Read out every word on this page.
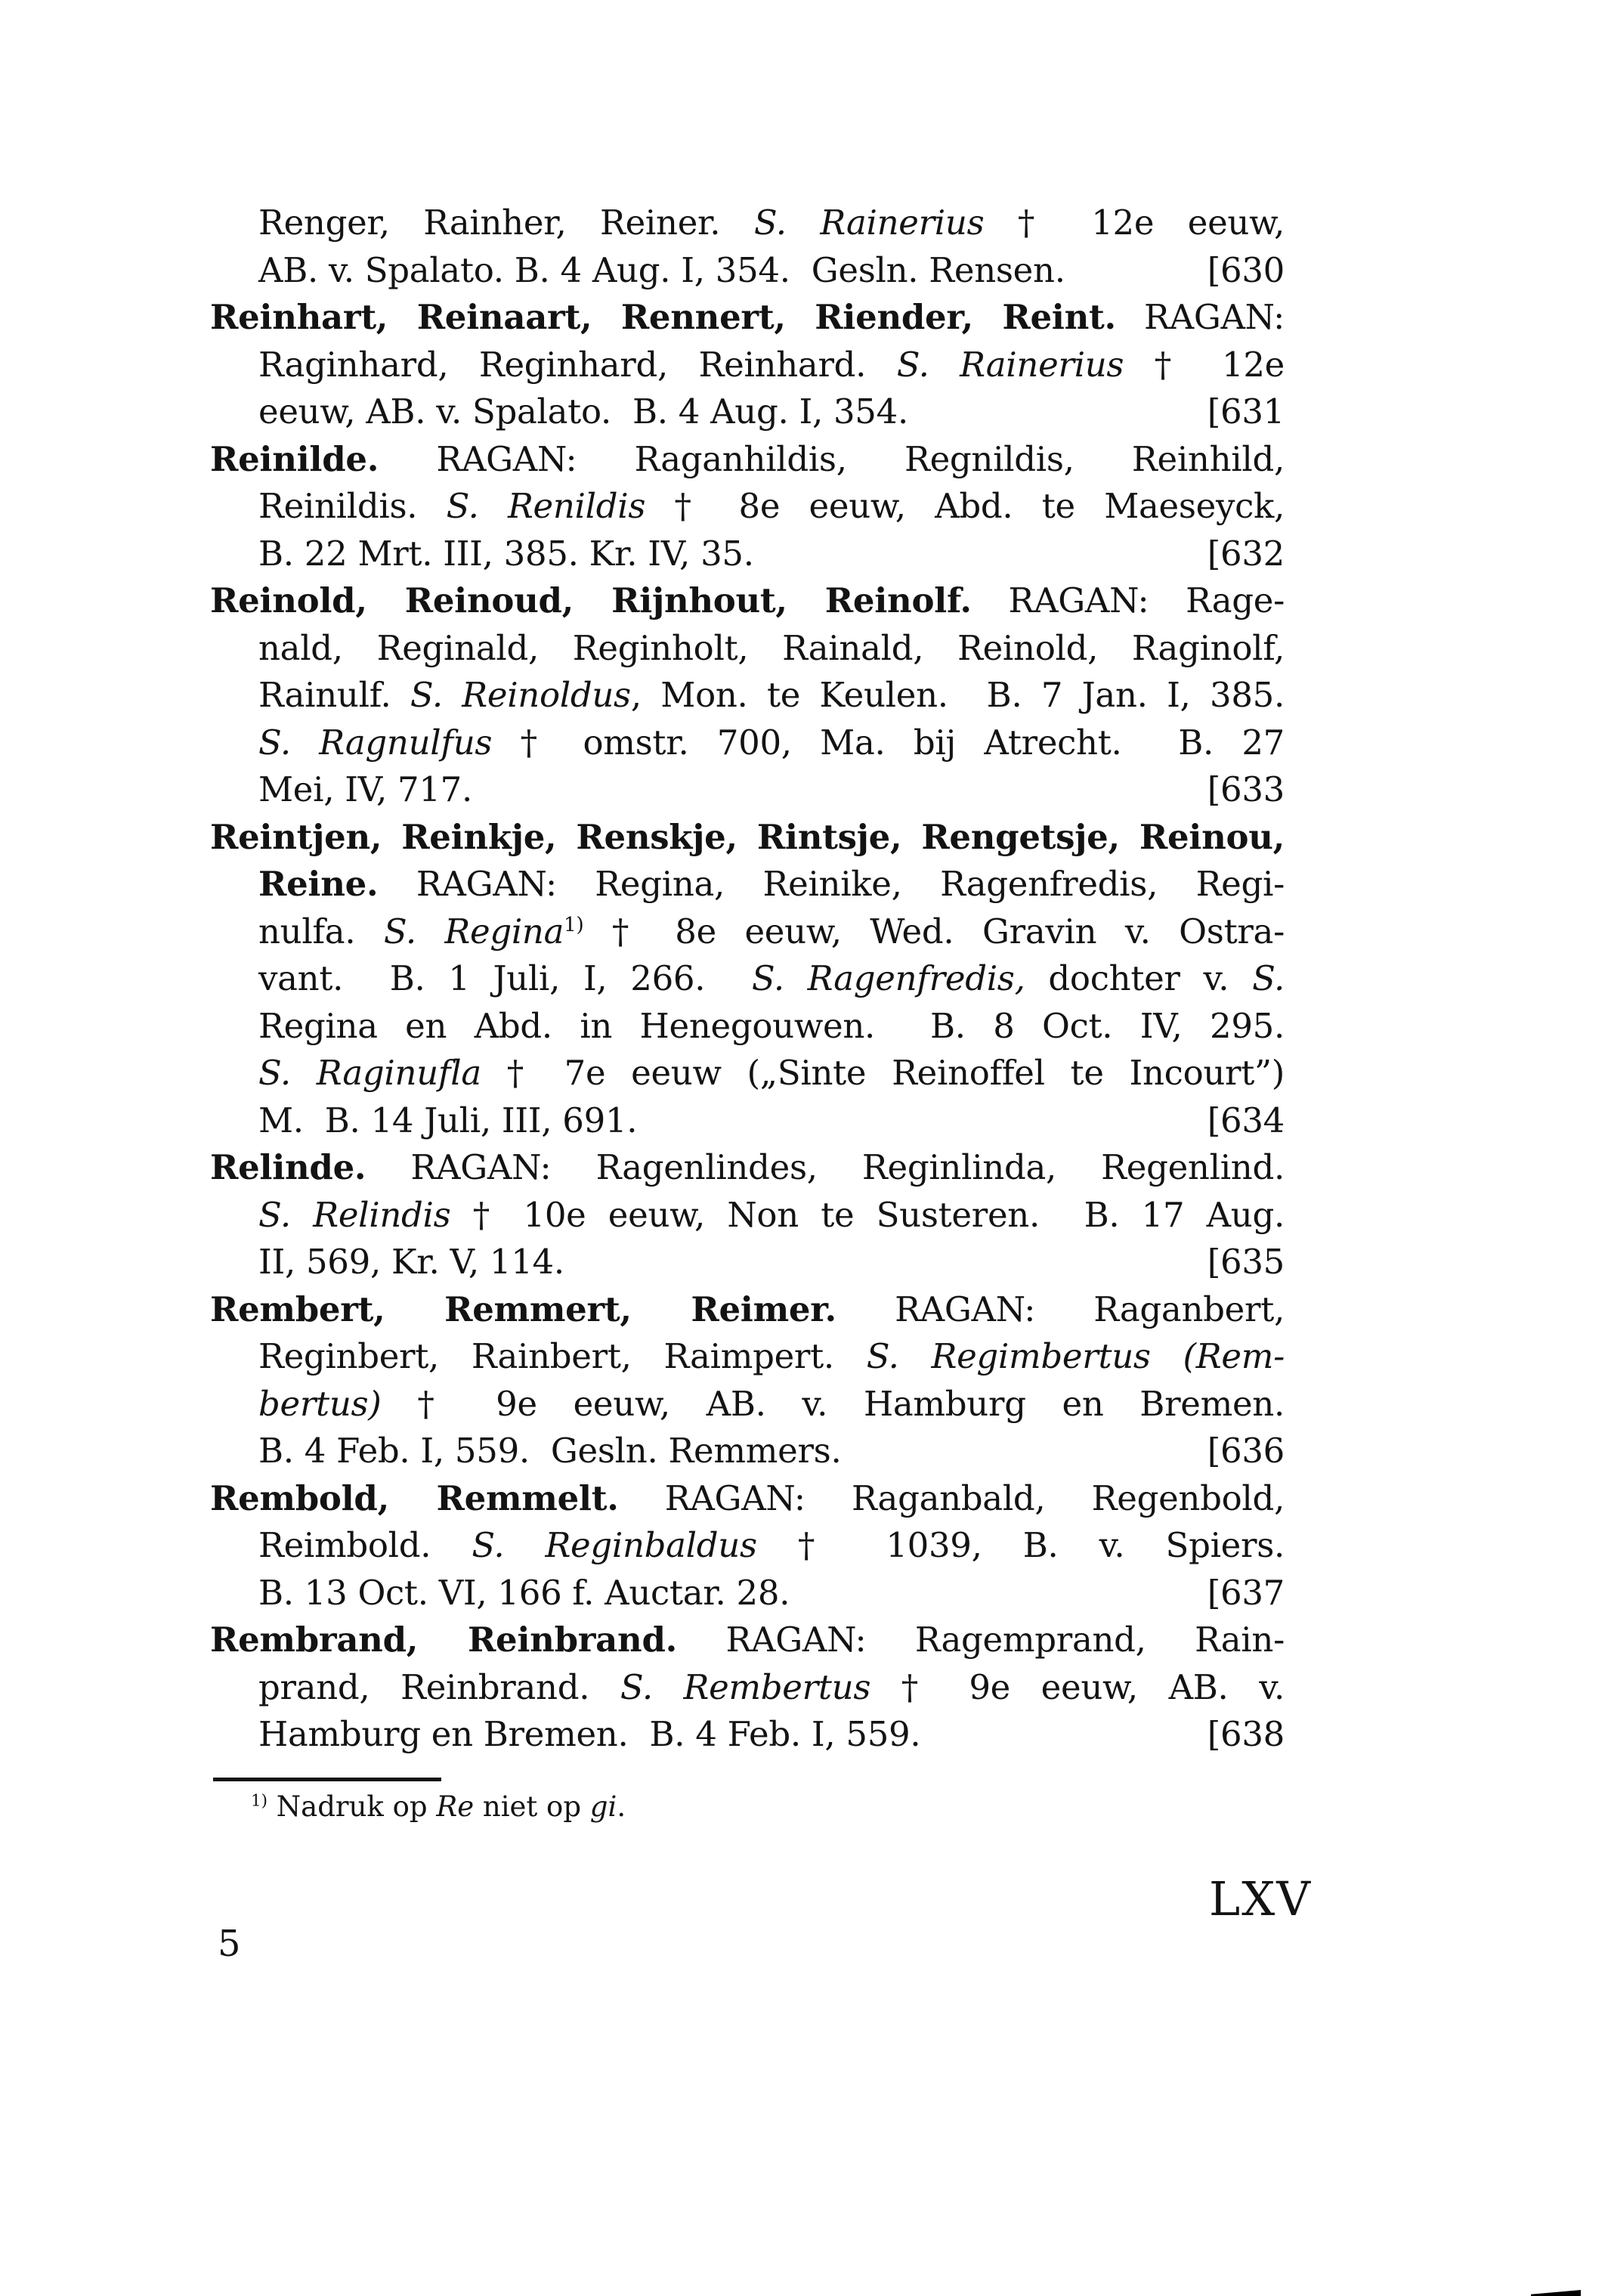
Renger, Rainher, Reiner. S. Rainerius † 12e eeuw,
AB. v. Spalato. B. 4 Aug. I, 354.  Gesln. Rensen.	[630
Reinhart, Reinaart, Rennert, Riender, Reint. RAGAN:
Raginhard, Reginhard, Reinhard. S. Rainerius † 12e
eeuw, AB. v. Spalato.  B. 4 Aug. I, 354.	[631
Reinilde. RAGAN: Raganhildis, Regnildis, Reinhild,
Reinildis. S. Renildis † 8e eeuw, Abd. te Maeseyck,
B. 22 Mrt. III, 385. Kr. IV, 35.	[632
Reinold, Reinoud, Rijnhout, Reinolf. RAGAN: Rage-
nald, Reginald, Reginholt, Rainald, Reinold, Raginolf,
Rainulf. S. Reinoldus, Mon. te Keulen.  B. 7 Jan. I, 385.
S. Ragnulfus † omstr. 700, Ma. bij Atrecht.  B. 27
Mei, IV, 717.	[633
Reintjen, Reinkje, Renskje, Rintsje, Rengetsje, Reinou,
Reine. RAGAN: Regina, Reinike, Ragenfredis, Regi-
nulfa. S. Regina$^{1)}$ † 8e eeuw, Wed. Gravin v. Ostra-
vant.  B. 1 Juli, I, 266.  S. Ragenfredis, dochter v. S.
Regina en Abd. in Henegouwen.  B. 8 Oct. IV, 295.
S. Raginufla † 7e eeuw („Sinte Reinoffel te Incourt”)
M.  B. 14 Juli, III, 691.	[634
Relinde. RAGAN: Ragenlindes, Reginlinda, Regenlind.
S. Relindis † 10e eeuw, Non te Susteren.  B. 17 Aug.
II, 569, Kr. V, 114.	[635
Rembert, Remmert, Reimer. RAGAN: Raganbert,
Reginbert, Rainbert, Raimpert. S. Regimbertus (Rem-
bertus) † 9e eeuw, AB. v. Hamburg en Bremen.
B. 4 Feb. I, 559.  Gesln. Remmers.	[636
Rembold, Remmelt. RAGAN: Raganbald, Regenbold,
Reimbold. S. Reginbaldus † 1039, B. v. Spiers.
B. 13 Oct. VI, 166 f. Auctar. 28.	[637
Rembrand, Reinbrand. RAGAN: Ragemprand, Rain-
prand, Reinbrand. S. Rembertus † 9e eeuw, AB. v.
Hamburg en Bremen.  B. 4 Feb. I, 559.	[638
$^{1)}$ Nadruk op Re niet op gi.
LXV
5
